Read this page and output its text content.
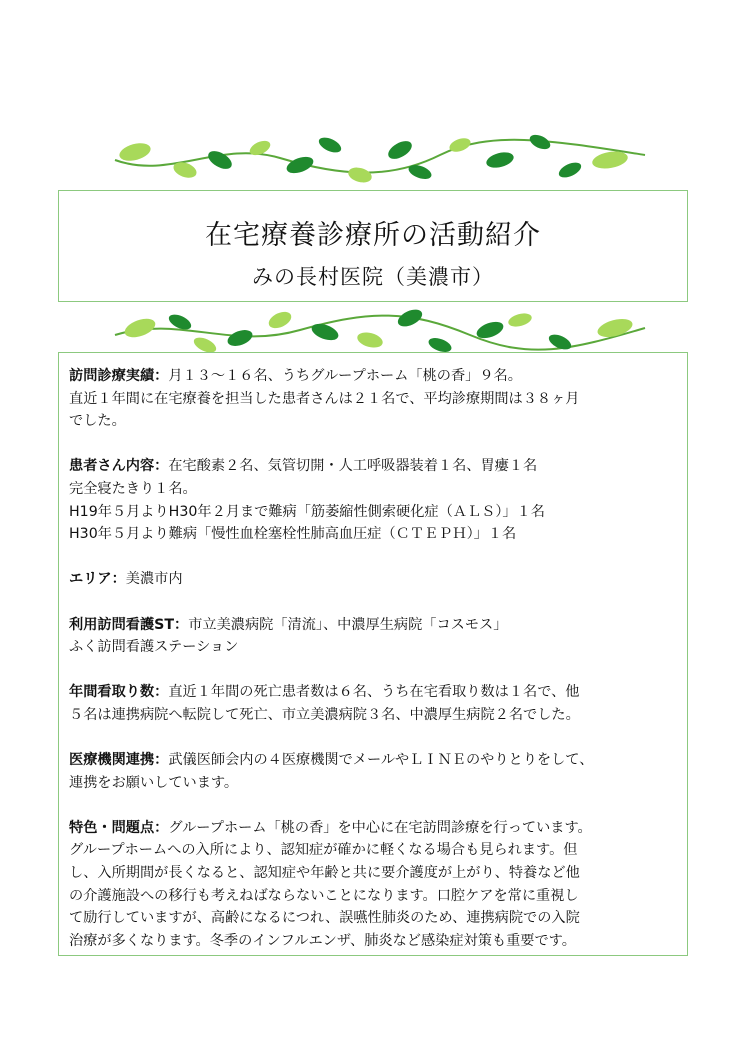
在宅療養診療所の活動紹介
みの長村医院（美濃市）

訪問診療実績：月１３～１６名、うちグループホーム「桃の香」９名。

直近１年間に在宅療養を担当した患者さんは２１名で、平均診療期間は３８ヶ月

でした。

患者さん内容：在宅酸素２名、気管切開・人工呼吸器装着１名、胃瘻１名

完全寝たきり１名。

H19年５月よりH30年２月まで難病「筋萎縮性側索硬化症（ＡＬＳ）」１名

H30年５月より難病「慢性血栓塞栓性肺高血圧症（ＣＴＥＰＨ）」１名

エリア：美濃市内

利用訪問看護ST：市立美濃病院「清流」、中濃厚生病院「コスモス」

ふく訪問看護ステーション

年間看取り数：直近１年間の死亡患者数は６名、うち在宅看取り数は１名で、他

５名は連携病院へ転院して死亡、市立美濃病院３名、中濃厚生病院２名でした。

医療機関連携：武儀医師会内の４医療機関でメールやＬＩＮＥのやりとりをして、

連携をお願いしています。

特色・問題点：グループホーム「桃の香」を中心に在宅訪問診療を行っています。

グループホームへの入所により、認知症が確かに軽くなる場合も見られます。但

し、入所期間が長くなると、認知症や年齢と共に要介護度が上がり、特養など他

の介護施設への移行も考えねばならないことになります。口腔ケアを常に重視し

て励行していますが、高齢になるにつれ、誤嚥性肺炎のため、連携病院での入院

治療が多くなります。冬季のインフルエンザ、肺炎など感染症対策も重要です。
